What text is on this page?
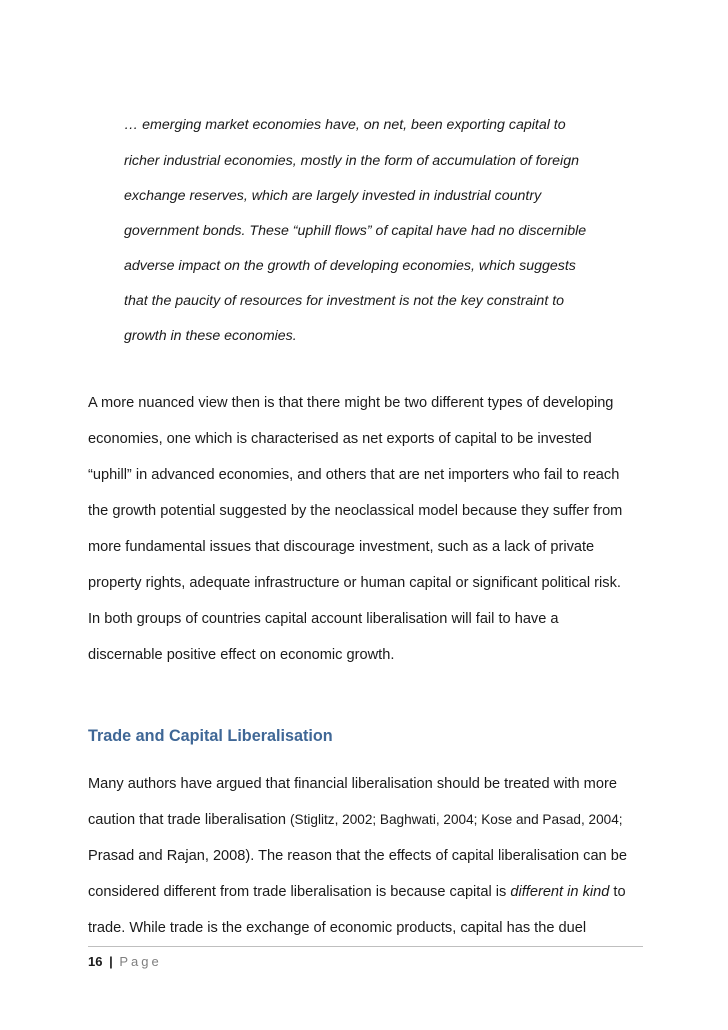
… emerging market economies have, on net, been exporting capital to
richer industrial economies, mostly in the form of accumulation of foreign
exchange reserves, which are largely invested in industrial country
government bonds. These “uphill flows” of capital have had no discernible
adverse impact on the growth of developing economies, which suggests
that the paucity of resources for investment is not the key constraint to
growth in these economies.
A more nuanced view then is that there might be two different types of developing
economies, one which is characterised as net exports of capital to be invested
“uphill” in advanced economies, and others that are net importers who fail to reach
the growth potential suggested by the neoclassical model because they suffer from
more fundamental issues that discourage investment, such as a lack of private
property rights, adequate infrastructure or human capital or significant political risk.
In both groups of countries capital account liberalisation will fail to have a
discernable positive effect on economic growth.
Trade and Capital Liberalisation
Many authors have argued that financial liberalisation should be treated with more
caution that trade liberalisation (Stiglitz, 2002; Baghwati, 2004; Kose and Pasad, 2004;
Prasad and Rajan, 2008). The reason that the effects of capital liberalisation can be
considered different from trade liberalisation is because capital is different in kind to
trade. While trade is the exchange of economic products, capital has the duel
16 | Page
